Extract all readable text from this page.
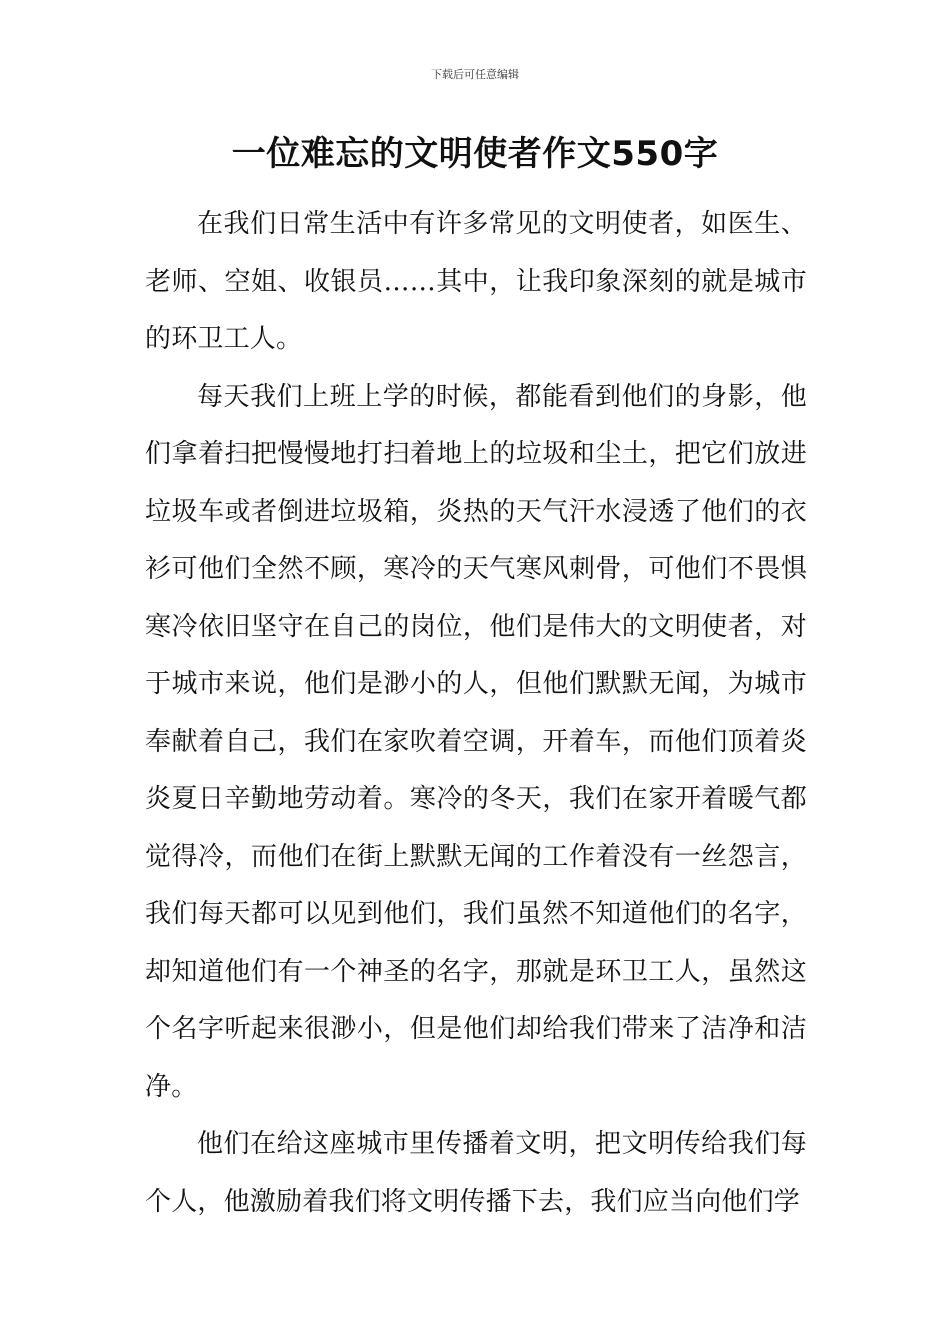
下载后可任意编辑
一位难忘的文明使者作文550字

在我们日常生活中有许多常见的文明使者，如医生、老师、空姐、收银员……其中，让我印象深刻的就是城市的环卫工人。

每天我们上班上学的时候，都能看到他们的身影，他们拿着扫把慢慢地打扫着地上的垃圾和尘土，把它们放进垃圾车或者倒进垃圾箱，炎热的天气汗水浸透了他们的衣衫可他们全然不顾，寒冷的天气寒风刺骨，可他们不畏惧寒冷依旧坚守在自己的岗位，他们是伟大的文明使者，对于城市来说，他们是渺小的人，但他们默默无闻，为城市奉献着自己，我们在家吹着空调，开着车，而他们顶着炎炎夏日辛勤地劳动着。寒冷的冬天，我们在家开着暖气都觉得冷，而他们在街上默默无闻的工作着没有一丝怨言，我们每天都可以见到他们，我们虽然不知道他们的名字，却知道他们有一个神圣的名字，那就是环卫工人，虽然这个名字听起来很渺小，但是他们却给我们带来了洁净和洁净。

他们在给这座城市里传播着文明，把文明传给我们每个人，他激励着我们将文明传播下去，我们应当向他们学
